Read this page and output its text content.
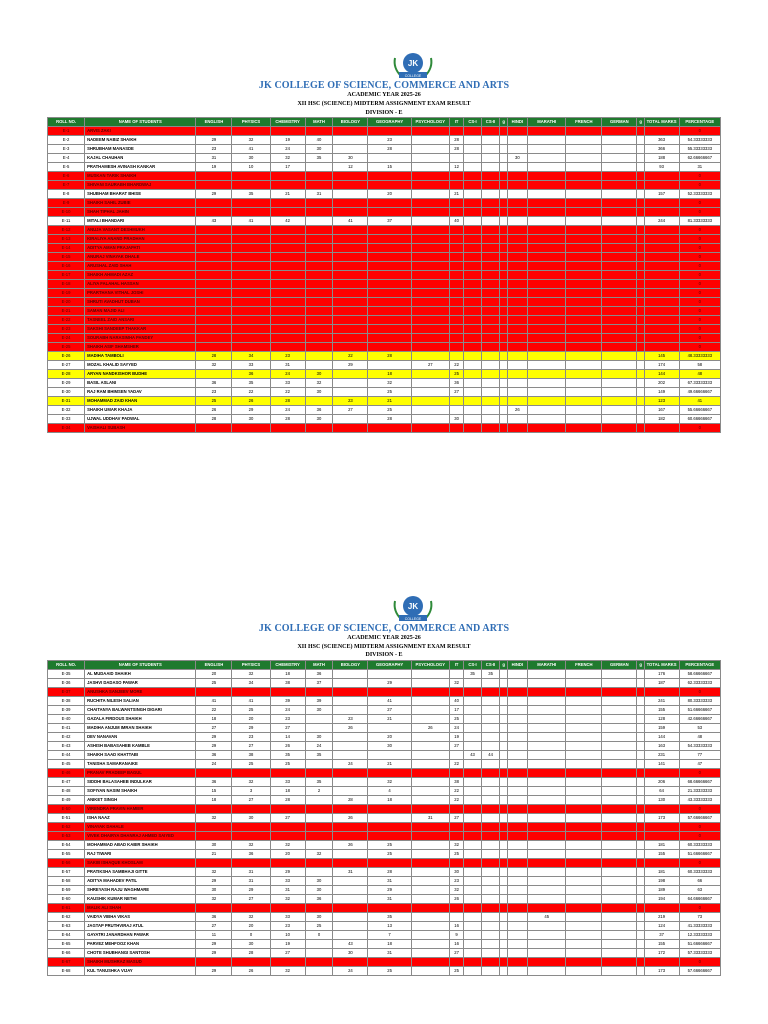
JK
COLLEGE
JK COLLEGE OF SCIENCE, COMMERCE AND ARTS
ACADEMIC YEAR 2025-26
XII HSC (SCIENCE) MIDTERM ASSIGNMENT EXAM RESULT
DIVISION - E
ROLL NO.	NAME OF STUDENTS	ENGLISH	PHYSICS	CHEMISTRY	MATH	BIOLOGY	GEOGRAPHY	PSYCHOLOGY	IT	CS-I	CS-II	g	HINDI	MARATHI	FRENCH	GERMAN	g	TOTAL MARKS	PERCENTAGE
E-1	ARVIS ZAKI																		0
E-2	NADEEM NABIZ SHAIKH	29	32	19	40		23		28									363	54.33333333
E-3	SHRUBHAM MANASDE	23	41	24	30		28		28									366	55.33333333
E-4	KAJAL CHAUHAN	31	30	32	35	30							30					188	62.66666667
E-5	PRATHAMESH AVINASH KANKAR	19	10	17		12	15		12									93	31
E-6	MUSKAN TARIK SHAIKH																		0
E-7	SHIVANI SAURABH BHARDWAJ																		0
E-8	SHUBHAM BHARAT BHISE	29	35	21	31		20		21									157	52.33333333
E-9	SHAIKH SAHIL ZUBIE																		0
E-10	SHAH TIPHAL JAHIN																		0
E-11	MITALI BHANDARI	43	41	42		41	37		40									244	81.33333333
E-12	ANUJA VASANT DESHMUKH																		0
E-13	KIRALIYA ANAND PRADHAN																		0
E-14	ADITYA AMAN PRAJAPATI																		0
E-15	ANURAJ VINAYAK DHALE																		0
E-16	ARUSHAL ZAID SHAH																		0
E-17	SHAIKH AHMADI AZAZ																		0
E-18	ALIYA FALAHAL HASSAN																		0
E-19	PRARTHANA VITHAL JOSHI																		0
E-20	SHRUTI AVADHUT DUBAN																		0
E-21	SAMAN MAJID ALI																		0
E-22	TASNEEL ZAID ANSARI																		0
E-23	SAKSHI SANDEEP THAKKAR																		0
E-24	SOURABH NARASIMHA PANDEY																		0
E-25	SHAIKH ASIF SHAMSHER																		0
E-26	MADIHA TAMBOLI	28	34	23		22	28											145	48.33333333
E-27	MOZAL KHALID SAYYED	32	33	31		29		27	22									174	58
E-28	ARYAN NANDKISHOR BUDHE		36	24	30		18		25									144	48
E-29	BASIL ASLANI	36	35	33	32		32		36									202	67.33333333
E-30	RAJ RAM BHIMSEN YADAV	23	22	22	30		25		27									149	49.66666667
E-31	MOHAMMAD ZAID KHAN	25	26	28		23	21											123	41
E-32	SHAIKH UMAR KHAJA	26	29	24	36	27	25						26					167	55.66666667
E-33	UJWAL UDDHAV PADWAL	28	30	28	30		28		30									182	60.66666667
E-34	VAISHALI SUBASH																		0
JK
COLLEGE
JK COLLEGE OF SCIENCE, COMMERCE AND ARTS
ACADEMIC YEAR 2025-26
XII HSC (SCIENCE) MIDTERM ASSIGNMENT EXAM RESULT
DIVISION - E
ROLL NO.	NAME OF STUDENTS	ENGLISH	PHYSICS	CHEMISTRY	MATH	BIOLOGY	GEOGRAPHY	PSYCHOLOGY	IT	CS-I	CS-II	g	HINDI	MARATHI	FRENCH	GERMAN	g	TOTAL MARKS	PERCENTAGE
E-35	AL MUDAAID SHAIKH	20	32	18	36					35	35							176	58.66666667
E-36	JASHVI DADASO PAWAR	25	34	38	37		29		32									187	62.33333333
E-37	ANUSHKA SANJEEV MORE																		0
E-38	RUCHITA NILESH SALIAN	41	41	39	39		41		40									241	80.33333333
E-39	CHAITANYA BALWANTSINGH DIGARI	22	25	24	30		27		17									155	51.66666667
E-40	GAZALA FIRDOUS SHAIKH	18	20	23		23	21		25									128	42.66666667
E-41	MADIHA ANJUM IMRAN SHAIKH	27	29	27		26		26	24									159	53
E-42	DEV NANAVAN	29	23	14	30		20		19									144	48
E-43	ASHISH BABASAHEB KAMBLE	29	27	26	24		30		27									163	54.33333333
E-44	SHAIKH SAAD KHATTABI	36	38	35	35					43	44							231	77
E-45	TANISHA SAMARANAIKE	24	25	25		24	21		22									141	47
E-46	PRANAV PRADEEP BAGUL																		0
E-47	SIDDHI BALASAHEB INDULKAR	36	32	33	35		32		38									206	68.66666667
E-48	SOFIYAN NASIM SHAIKH	15	3	18	2		4		22									64	21.33333333
E-49	ANIKET SINGH	18	27	28		28	18		22									130	43.33333333
E-50	VIRENDRA PRAVIN HAMBIR																		0
E-51	ISHA NAAZ	32	30	27		26		31	27									173	57.66666667
E-52	VINAYAK DAHALE																		0
E-53	VIVEK DHAIRYA DHANRAJ AHMED SAIYED																		0
E-54	MOHAMMAD ABAD KABIR SHAIKH	30	32	32		26	25		32									181	60.33333333
E-55	RAJ TIWARI	21	36	20	32		25		25									155	51.66666667
E-56	SAKIB ISHAQUE KHOSLAM																		0
E-57	PRATIKSHA SAMBHAJI GITTE	32	31	29		31	28		30									181	60.33333333
E-58	ADITYA MAHADEV PATIL	29	31	33	30		31		23									198	66
E-59	SHREYASH RAJU WAGHMARE	30	29	31	30		29		32									189	63
E-60	KAUSHIK KUMAR NETHI	32	27	32	36		31		26									194	64.66666667
E-61	MALIK ALI SHAH																		0
E-62	VAIDYA VIBHA VIKAS	36	32	33	30		35							45				219	73
E-63	JAGTAP PRUTHVIRAJ ATUL	27	20	23	25		13		16									124	41.33333333
E-64	GAYATRI JANARDHAN PAWAR	11	0	10	0		7		9									37	12.33333333
E-65	PARVEZ MEHFOOZ KHAN	29	30	19		43	18		16									155	51.66666667
E-66	CHOTE SHUBHANGI SANTOSH	29	28	27		30	31		27									172	57.33333333
E-67	SHAIKH MUSHRAZ MASUD																		0
E-68	KUL TANUSHKA VIJAY	29	26	32		24	25		25									173	57.66666667
